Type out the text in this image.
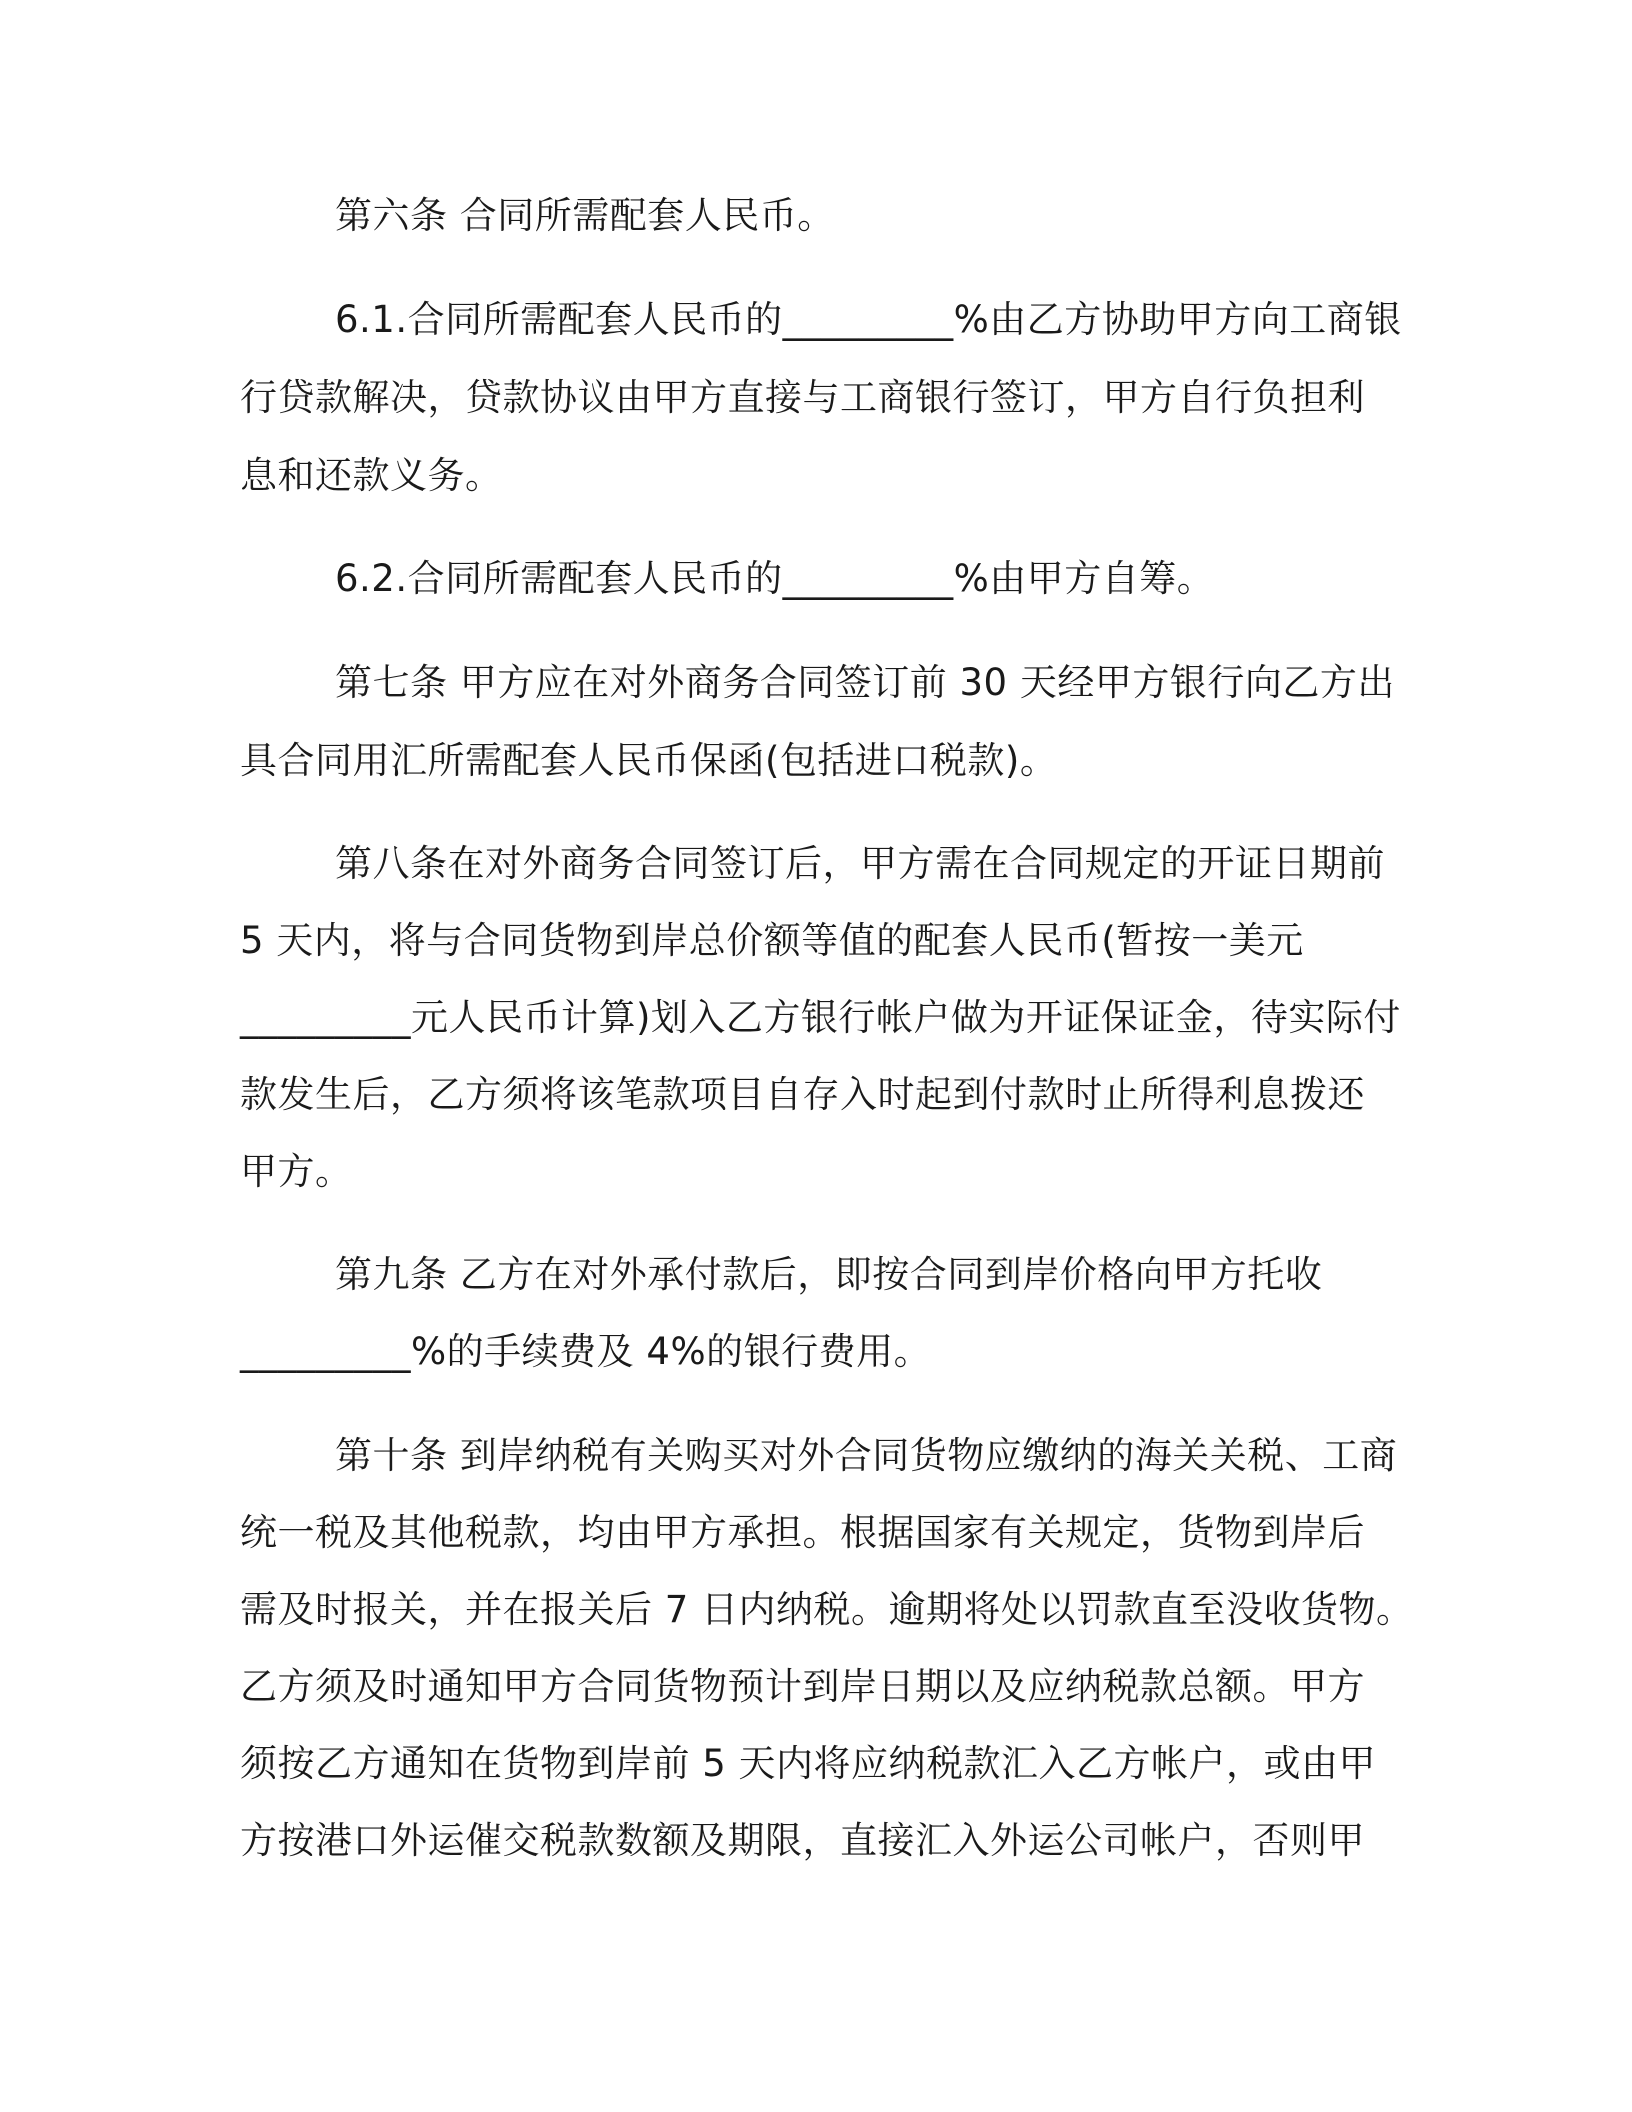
第六条 合同所需配套人民币。
6.1.合同所需配套人民币的_________%由乙方协助甲方向工商银
行贷款解决，贷款协议由甲方直接与工商银行签订，甲方自行负担利
息和还款义务。
6.2.合同所需配套人民币的_________%由甲方自筹。
第七条 甲方应在对外商务合同签订前 30 天经甲方银行向乙方出
具合同用汇所需配套人民币保函(包括进口税款)。
第八条在对外商务合同签订后，甲方需在合同规定的开证日期前
5 天内，将与合同货物到岸总价额等值的配套人民币(暂按一美元
_________元人民币计算)划入乙方银行帐户做为开证保证金，待实际付
款发生后，乙方须将该笔款项目自存入时起到付款时止所得利息拨还
甲方。
第九条 乙方在对外承付款后，即按合同到岸价格向甲方托收
_________%的手续费及 4%的银行费用。
第十条 到岸纳税有关购买对外合同货物应缴纳的海关关税、工商
统一税及其他税款，均由甲方承担。根据国家有关规定，货物到岸后
需及时报关，并在报关后 7 日内纳税。逾期将处以罚款直至没收货物。
乙方须及时通知甲方合同货物预计到岸日期以及应纳税款总额。甲方
须按乙方通知在货物到岸前 5 天内将应纳税款汇入乙方帐户，或由甲
方按港口外运催交税款数额及期限，直接汇入外运公司帐户，否则甲
